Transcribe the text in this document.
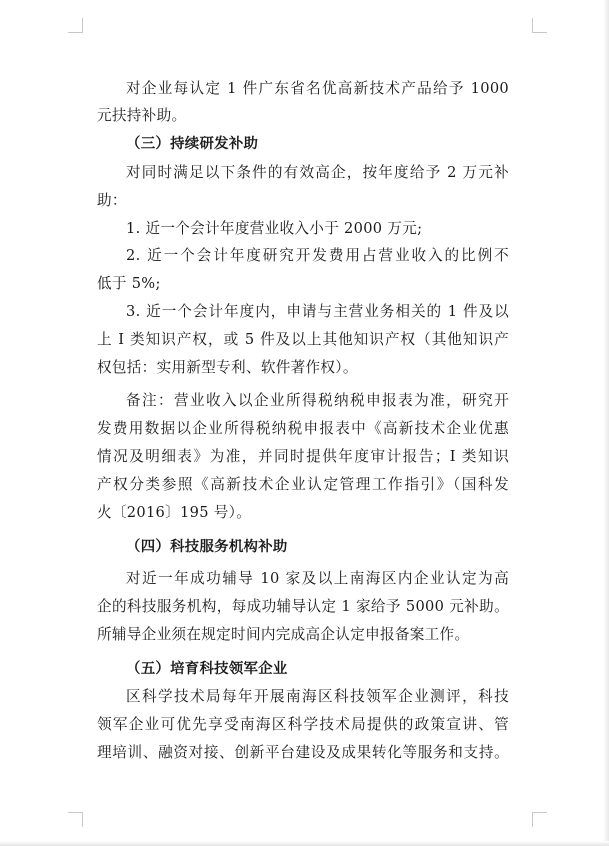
对企业每认定 1 件广东省名优高新技术产品给予 1000
元扶持补助。
（三）持续研发补助
对同时满足以下条件的有效高企，按年度给予 2 万元补
助：
1. 近一个会计年度营业收入小于 2000 万元;
2. 近一个会计年度研究开发费用占营业收入的比例不
低于 5%;
3. 近一个会计年度内，申请与主营业务相关的 1 件及以
上 I 类知识产权，或 5 件及以上其他知识产权（其他知识产
权包括：实用新型专利、软件著作权）。
备注：营业收入以企业所得税纳税申报表为准，研究开
发费用数据以企业所得税纳税申报表中《高新技术企业优惠
情况及明细表》为准，并同时提供年度审计报告；I 类知识
产权分类参照《高新技术企业认定管理工作指引》（国科发
火〔2016〕195 号）。
（四）科技服务机构补助
对近一年成功辅导 10 家及以上南海区内企业认定为高
企的科技服务机构，每成功辅导认定 1 家给予 5000 元补助。
所辅导企业须在规定时间内完成高企认定申报备案工作。
（五）培育科技领军企业
区科学技术局每年开展南海区科技领军企业测评，科技
领军企业可优先享受南海区科学技术局提供的政策宣讲、管
理培训、融资对接、创新平台建设及成果转化等服务和支持。
